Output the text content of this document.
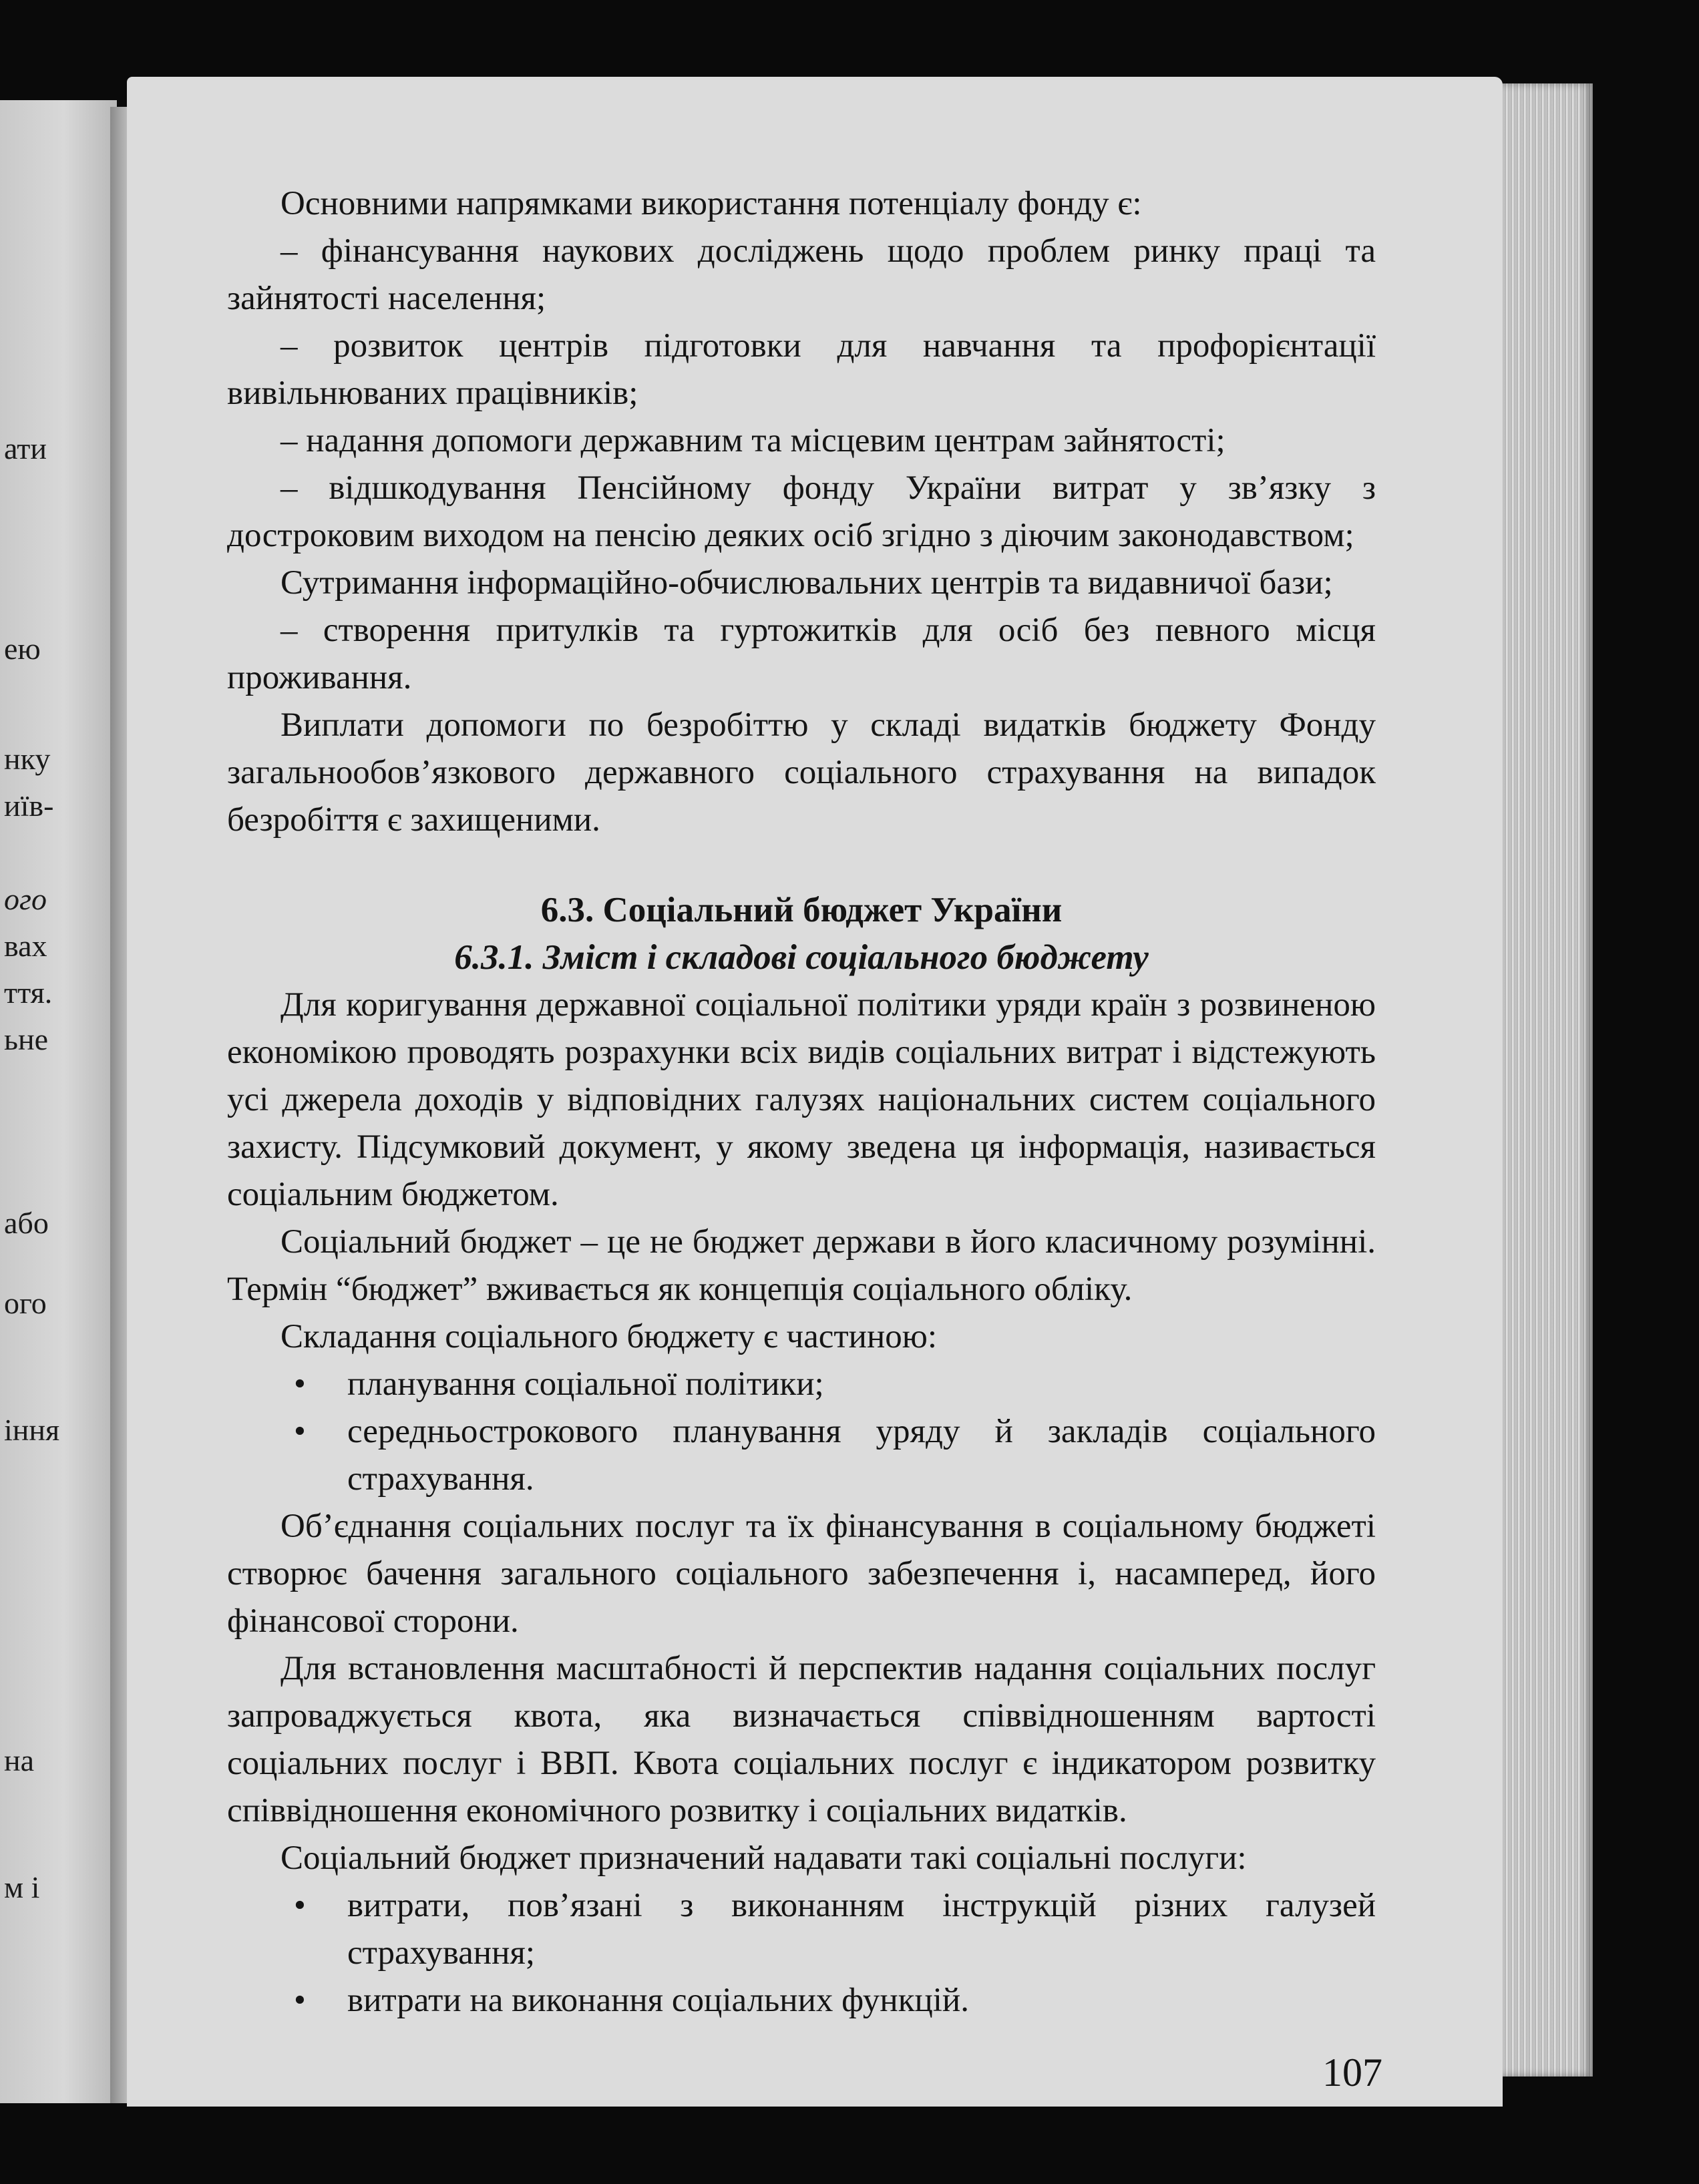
ати
ею
нку
иїв-
ого
вах
ття.
ьне
або
ого
іння
на
м і

Основними напрямками використання потенціалу фонду є:

– фінансування наукових досліджень щодо проблем ринку праці та зайнятості населення;

– розвиток центрів підготовки для навчання та профорієнтації вивільнюваних працівників;

– надання допомоги державним та місцевим центрам зайнятості;

– відшкодування Пенсійному фонду України витрат у зв’язку з достроковим виходом на пенсію деяких осіб згідно з діючим законодавством;

Сутримання інформаційно-обчислювальних центрів та видавничої бази;

– створення притулків та гуртожитків для осіб без певного місця проживання.

Виплати допомоги по безробіттю у складі видатків бюджету Фонду загальнообов’язкового державного соціального страхування на випадок безробіття є захищеними.

6.3. Соціальний бюджет України

6.3.1. Зміст і складові соціального бюджету

Для коригування державної соціальної політики уряди країн з розвиненою економікою проводять розрахунки всіх видів соціальних витрат і відстежують усі джерела доходів у відповідних галузях національних систем соціального захисту. Підсумковий документ, у якому зведена ця інформація, називається соціальним бюджетом.

Соціальний бюджет – це не бюджет держави в його класичному розумінні. Термін “бюджет” вживається як концепція соціального обліку.

Складання соціального бюджету є частиною:

• планування соціальної політики;

• середньострокового планування уряду й закладів соціального страхування.

Об’єднання соціальних послуг та їх фінансування в соціальному бюджеті створює бачення загального соціального забезпечення і, насамперед, його фінансової сторони.

Для встановлення масштабності й перспектив надання соціальних послуг запроваджується квота, яка визначається співвідношенням вартості соціальних послуг і ВВП. Квота соціальних послуг є індикатором розвитку співвідношення економічного розвитку і соціальних видатків.

Соціальний бюджет призначений надавати такі соціальні послуги:

• витрати, пов’язані з виконанням інструкцій різних галузей страхування;

• витрати на виконання соціальних функцій.

107
